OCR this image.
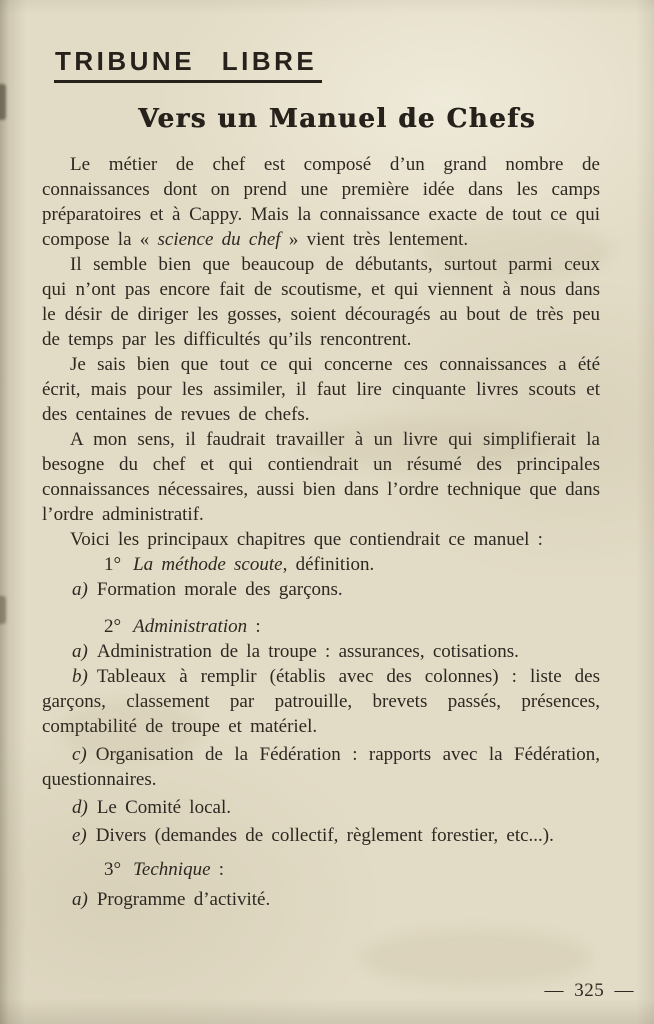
TRIBUNE LIBRE
Vers un Manuel de Chefs

Le métier de chef est composé d’un grand nombre de connaissances dont on prend une première idée dans les camps préparatoires et à Cappy. Mais la connaissance exacte de tout ce qui compose la « science du chef » vient très lentement.

Il semble bien que beaucoup de débutants, surtout parmi ceux qui n’ont pas encore fait de scoutisme, et qui viennent à nous dans le désir de diriger les gosses, soient découragés au bout de très peu de temps par les difficultés qu’ils rencontrent.

Je sais bien que tout ce qui concerne ces connaissances a été écrit, mais pour les assimiler, il faut lire cinquante livres scouts et des centaines de revues de chefs.

A mon sens, il faudrait travailler à un livre qui simplifierait la besogne du chef et qui contiendrait un résumé des principales connaissances nécessaires, aussi bien dans l’ordre technique que dans l’ordre administratif.

Voici les principaux chapitres que contiendrait ce manuel :

1° La méthode scoute, définition.

a) Formation morale des garçons.

2° Administration :

a) Administration de la troupe : assurances, cotisations.

b) Tableaux à remplir (établis avec des colonnes) : liste des garçons, classement par patrouille, brevets passés, présences, comptabilité de troupe et matériel.

c) Organisation de la Fédération : rapports avec la Fédération, questionnaires.

d) Le Comité local.

e) Divers (demandes de collectif, règlement forestier, etc...).

3° Technique :

a) Programme d’activité.

— 325 —
